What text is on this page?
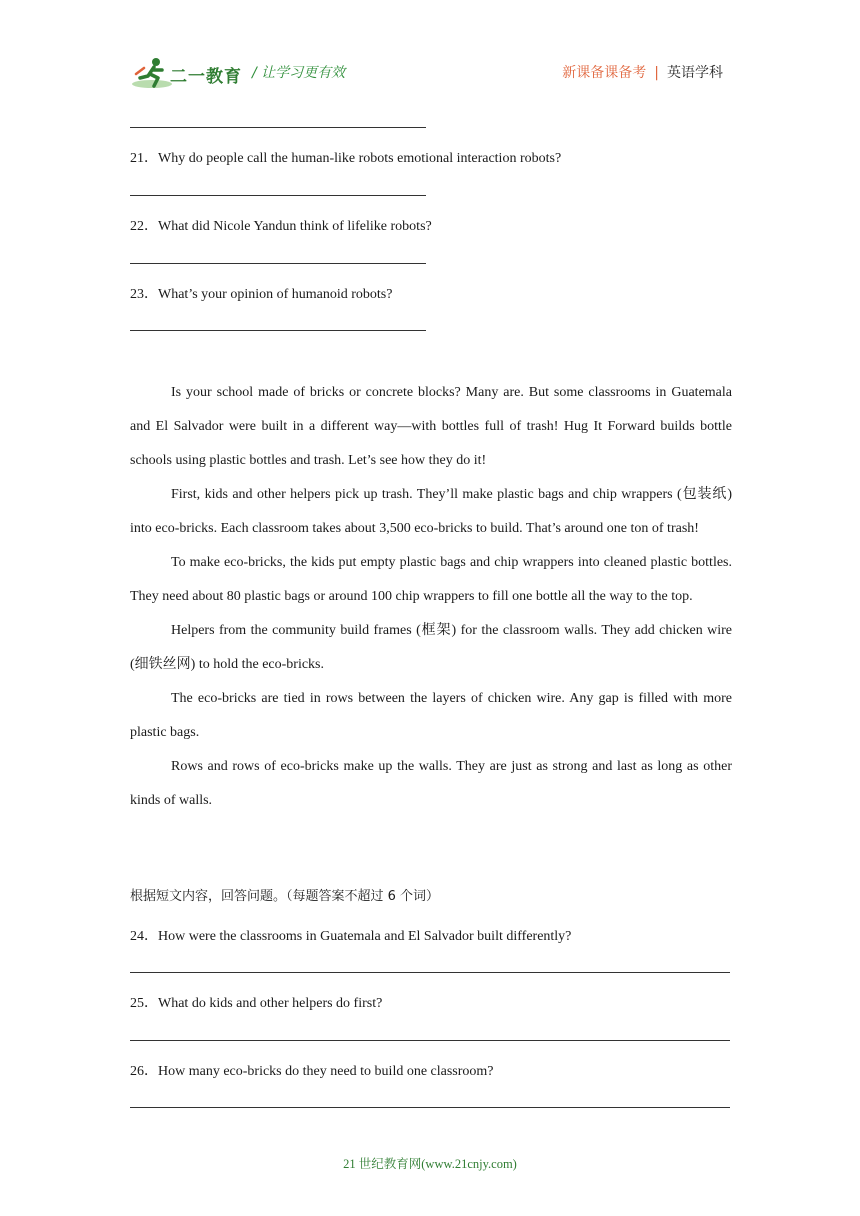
二一教育 / 让学习更有效	新课备课备考 | 英语学科
21．Why do people call the human-like robots emotional interaction robots?
22．What did Nicole Yandun think of lifelike robots?
23．What’s your opinion of humanoid robots?

Is your school made of bricks or concrete blocks? Many are. But some classrooms in Guatemala and El Salvador were built in a different way—with bottles full of trash! Hug It Forward builds bottle schools using plastic bottles and trash. Let’s see how they do it!

First, kids and other helpers pick up trash. They’ll make plastic bags and chip wrappers (包装纸) into eco-bricks. Each classroom takes about 3,500 eco-bricks to build. That’s around one ton of trash!

To make eco-bricks, the kids put empty plastic bags and chip wrappers into cleaned plastic bottles. They need about 80 plastic bags or around 100 chip wrappers to fill one bottle all the way to the top.

Helpers from the community build frames (框架) for the classroom walls. They add chicken wire (细铁丝网) to hold the eco-bricks.

The eco-bricks are tied in rows between the layers of chicken wire. Any gap is filled with more plastic bags.

Rows and rows of eco-bricks make up the walls. They are just as strong and last as long as other kinds of walls.

根据短文内容，回答问题。（每题答案不超过 6 个词）
24．How were the classrooms in Guatemala and El Salvador built differently?
25．What do kids and other helpers do first?
26．How many eco-bricks do they need to build one classroom?
21 世纪教育网(www.21cnjy.com)
